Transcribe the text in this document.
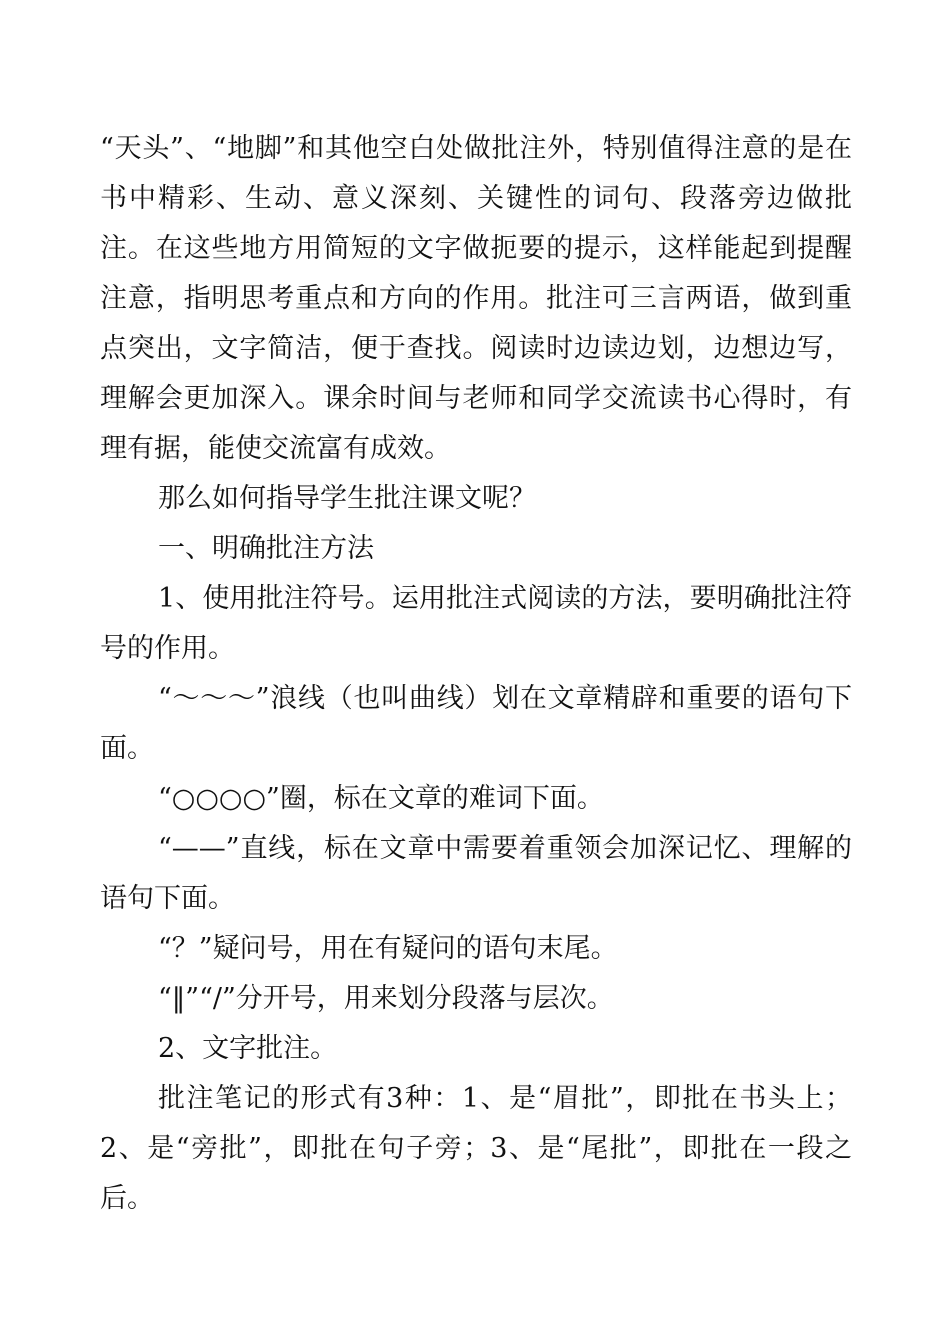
“天头”、“地脚”和其他空白处做批注外，特别值得注意的是在书中精彩、生动、意义深刻、关键性的词句、段落旁边做批注。在这些地方用简短的文字做扼要的提示，这样能起到提醒注意，指明思考重点和方向的作用。批注可三言两语，做到重点突出，文字简洁，便于查找。阅读时边读边划，边想边写，理解会更加深入。课余时间与老师和同学交流读书心得时，有理有据，能使交流富有成效。

那么如何指导学生批注课文呢？

一、明确批注方法

1、使用批注符号。运用批注式阅读的方法，要明确批注符号的作用。

“～～～”浪线（也叫曲线）划在文章精辟和重要的语句下面。

“○○○○”圈，标在文章的难词下面。

“——”直线，标在文章中需要着重领会加深记忆、理解的语句下面。

“？”疑问号，用在有疑问的语句末尾。

“‖”“/”分开号，用来划分段落与层次。

2、文字批注。

批注笔记的形式有3种：1、是“眉批”，即批在书头上；2、是“旁批”，即批在句子旁；3、是“尾批”，即批在一段之后。
